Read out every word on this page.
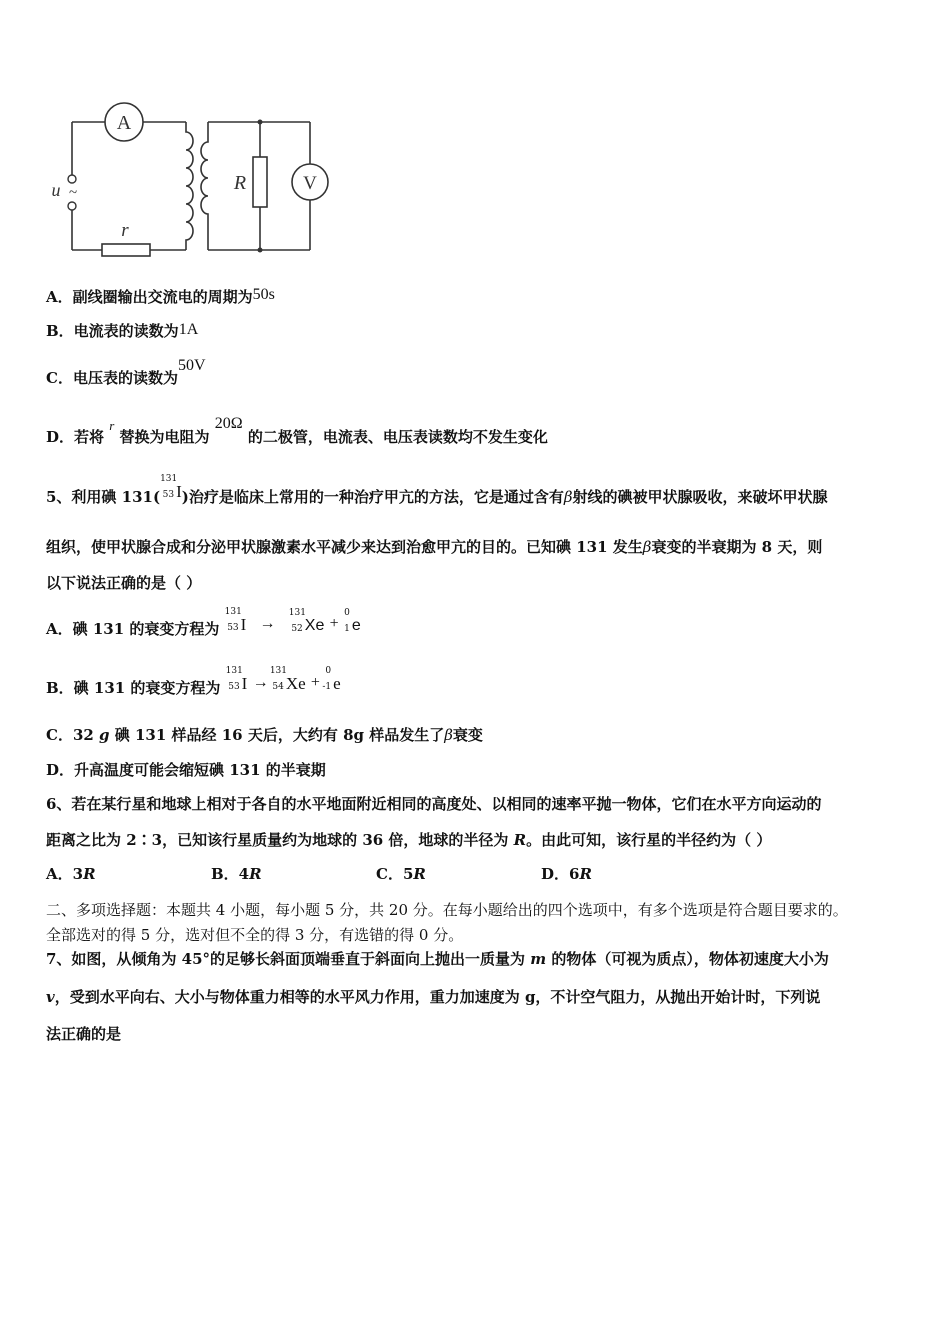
A
V
R
r
u ~
A．副线圈输出交流电的周期为50s
B．电流表的读数为1A
C．电压表的读数为50V
D．若将 r 替换为电阻为 20Ω 的二极管，电流表、电压表读数均不发生变化
5、利用碘 131(
131
53 I)治疗是临床上常用的一种治疗甲亢的方法，它是通过含有β射线的碘被甲状腺吸收，来破坏甲状腺
组织，使甲状腺合成和分泌甲状腺激素水平减少来达到治愈甲亢的目的。已知碘 131 发生β衰变的半衰期为 8 天，则
以下说法正确的是（ ）
A．碘 131 的衰变方程为
131
53 I →
131
52 Xe +
0
1 e
B．碘 131 的衰变方程为
131
53 I →
131
54 Xe +
0
-1 e
C．32 g 碘 131 样品经 16 天后，大约有 8g 样品发生了β衰变
D．升高温度可能会缩短碘 131 的半衰期
6、若在某行星和地球上相对于各自的水平地面附近相同的高度处、以相同的速率平抛一物体，它们在水平方向运动的
距离之比为 2∶3，已知该行星质量约为地球的 36 倍，地球的半径为 R。由此可知，该行星的半径约为（ ）
A．3R	B．4R	C．5R	D．6R
二、多项选择题：本题共 4 小题，每小题 5 分，共 20 分。在每小题给出的四个选项中，有多个选项是符合题目要求的。
全部选对的得 5 分，选对但不全的得 3 分，有选错的得 0 分。
7、如图，从倾角为 45°的足够长斜面顶端垂直于斜面向上抛出一质量为 m 的物体（可视为质点），物体初速度大小为
v，受到水平向右、大小与物体重力相等的水平风力作用，重力加速度为 g，不计空气阻力，从抛出开始计时，下列说
法正确的是
